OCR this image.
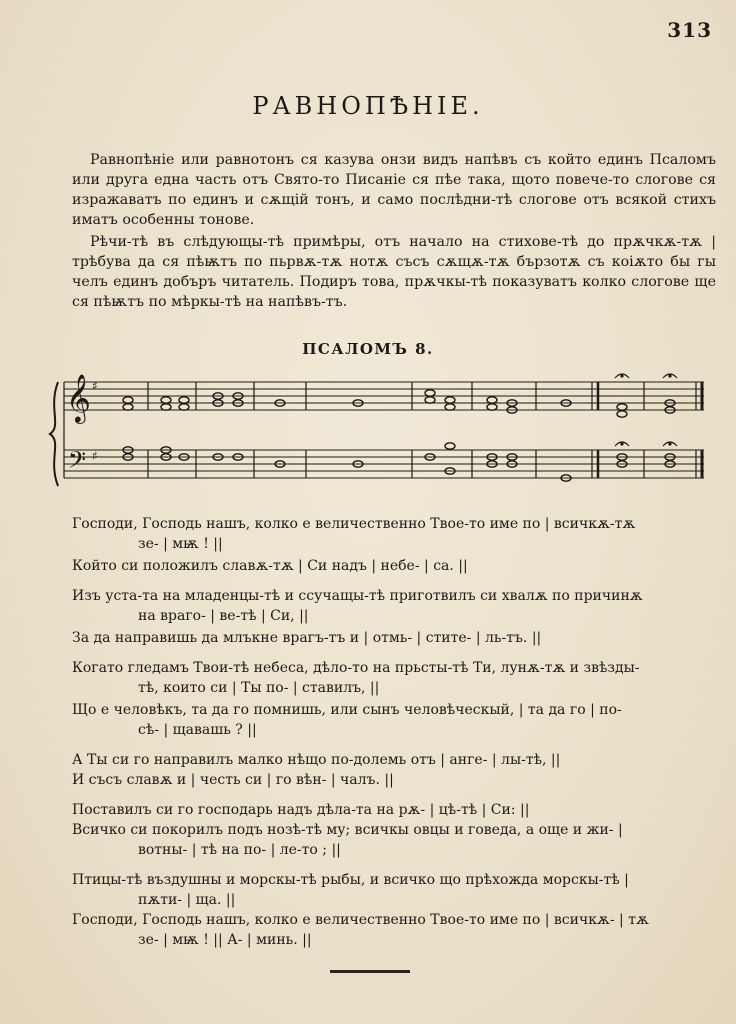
313
РАВНОПѢНІЕ.

Равнопѣніе или равнотонъ ся казува онзи видъ напѣвъ съ който единъ Псаломъ или друга една часть отъ Свято-то Писаніе ся пѣе така, щото повече-то слогове ся изражаватъ по единъ и сѫщій тонъ, и само послѣдни-тѣ слогове отъ всякой стихъ иматъ особенны тонове.

Рѣчи-тѣ въ слѣдующы-тѣ примѣры, отъ начало на стихове-тѣ до прѫчкѫ-тѫ | трѣбува да ся пѣѭтъ по пьрвѫ-тѫ нотѫ съсъ сѫщѫ-тѫ бързотѫ съ коіѫто бы гы челъ единъ добъръ читатель. Подиръ това, прѫчкы-тѣ показуватъ колко слогове ще ся пѣѭтъ по мѣркы-тѣ на напѣвъ-тъ.

ПСАЛОМЪ 8.
𝄞
𝄢
♯
♯

Господи, Господь нашъ, колко е величественно Твое-то име по | всичкѫ-тѫ
зе- | мѭ ! ||

Който си положилъ славѫ-тѫ | Си надъ | небе- | са. ||

Изъ уста-та на младенцы-тѣ и ссучащы-тѣ приготвилъ си хвалѫ по причинѫ
на враго- | ве-тѣ | Си, ||

За да направишь да млъкне врагъ-тъ и | отмь- | стите- | ль-тъ. ||

Когато гледамъ Твои-тѣ небеса, дѣло-то на прьсты-тѣ Ти, лунѫ-тѫ и звѣзды-
тѣ, които си | Ты по- | ставилъ, ||

Що е человѣкъ, та да го помнишь, или сынъ человѣческый, | та да го | по-
сѣ- | щавашь ? ||

А Ты си го направилъ малко нѣщо по-долемь отъ | анге- | лы-тѣ, ||

И съсъ славѫ и | честь си | го вѣн- | чалъ. ||

Поставилъ си го господарь надъ дѣла-та на рѫ- | цѣ-тѣ | Си: ||

Всичко си покорилъ подъ нозѣ-тѣ му; всичкы овцы и говеда, а още и жи- |
вотны- | тѣ на по- | ле-то ; ||

Птицы-тѣ въздушны и морскы-тѣ рыбы, и всичко що прѣхожда морскы-тѣ |
пѫти- | ща. ||

Господи, Господь нашъ, колко е величественно Твое-то име по | всичкѫ- | тѫ
зе- | мѭ ! || А- | минь. ||
